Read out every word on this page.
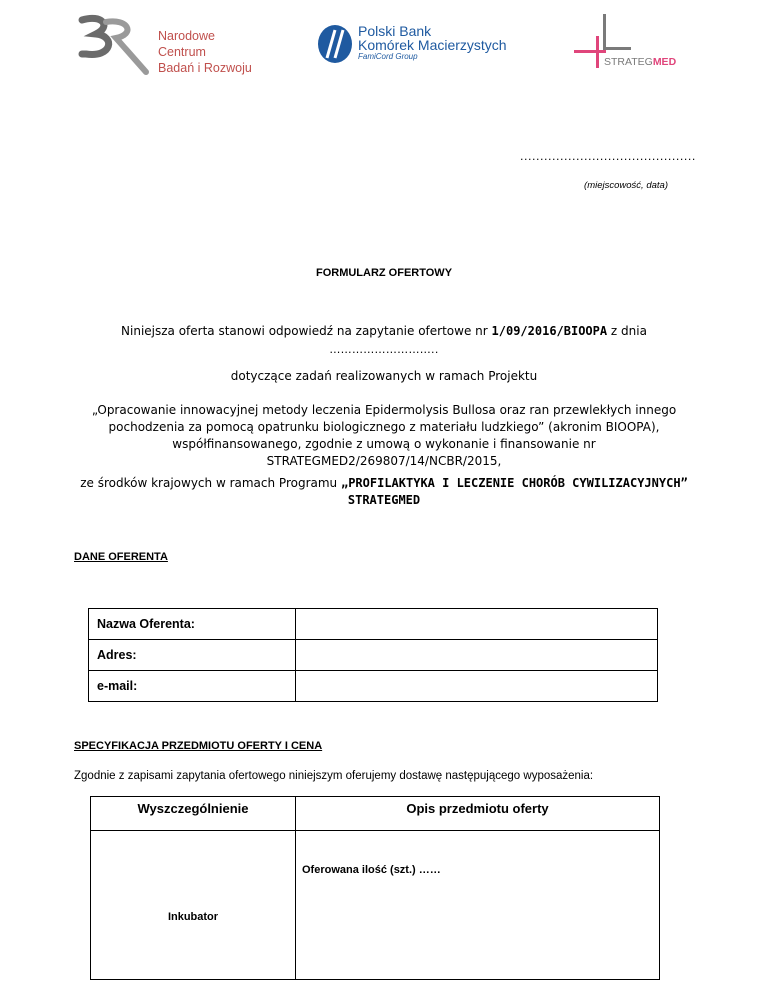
Narodowe Centrum
Badań i Rozwoju
Polski Bank
Komórek Macierzystych
FamiCord Group	STRATEGMED
............................................
(miejscowość, data)
FORMULARZ OFERTOWY
Niniejsza oferta stanowi odpowiedź na zapytanie ofertowe nr 1/09/2016/BIOOPA z dnia
………………………..
dotyczące zadań realizowanych w ramach Projektu
„Opracowanie innowacyjnej metody leczenia Epidermolysis Bullosa oraz ran przewlekłych innego pochodzenia za pomocą opatrunku biologicznego z materiału ludzkiego” (akronim BIOOPA), współfinansowanego, zgodnie z umową o wykonanie i finansowanie nr STRATEGMED2/269807/14/NCBR/2015,
ze środków krajowych w ramach Programu „PROFILAKTYKA I LECZENIE CHORÓB CYWILIZACYJNYCH” STRATEGMED
DANE OFERENTA
Nazwa Oferenta:	
Adres:	
e-mail:	
SPECYFIKACJA PRZEDMIOTU OFERTY I CENA
Zgodnie z zapisami zapytania ofertowego niniejszym oferujemy dostawę następującego wyposażenia:
Wyszczególnienie	Opis przedmiotu oferty
Inkubator	Oferowana ilość (szt.) ……
